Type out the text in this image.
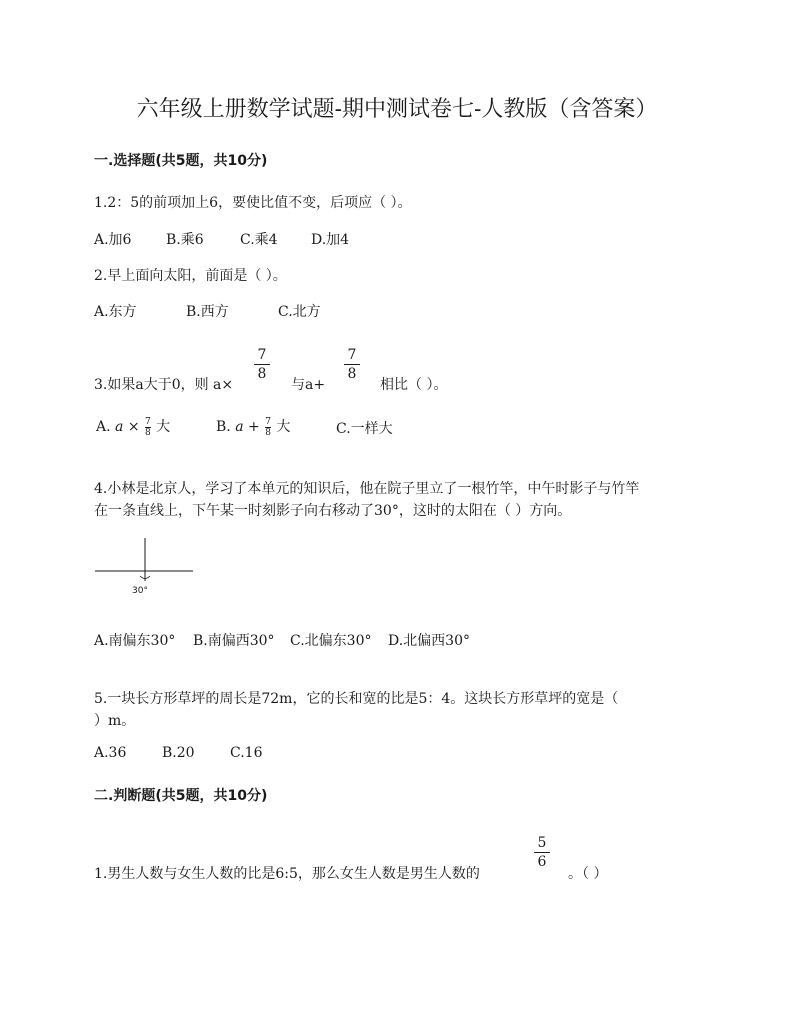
六年级上册数学试题-期中测试卷七-人教版（含答案）
一.选择题(共5题，共10分)
1.2：5的前项加上6，要使比值不变，后项应（ ）。
A.加6 B.乘6	C.乘4 D.加4
2.早上面向太阳，前面是（ ）。
A.东方	B.西方	C.北方
3.如果a大于0，则 a×
7
8
与a+
7
8
相比（ ）。
A. $a \times \frac{7}{8}$ 大	B. $a + \frac{7}{8}$ 大	C.一样大
4.小林是北京人，学习了本单元的知识后，他在院子里立了一根竹竿，中午时影子与竹竿
在一条直线上，下午某一时刻影子向右移动了30°，这时的太阳在（ ）方向。
30°
A.南偏东30° B.南偏西30° C.北偏东30° D.北偏西30°
5.一块长方形草坪的周长是72m，它的长和宽的比是5：4。这块长方形草坪的宽是（
）m。
A.36	B.20	C.16
二.判断题(共5题，共10分)
1.男生人数与女生人数的比是6:5，那么女生人数是男生人数的
5
6
。（ ）
